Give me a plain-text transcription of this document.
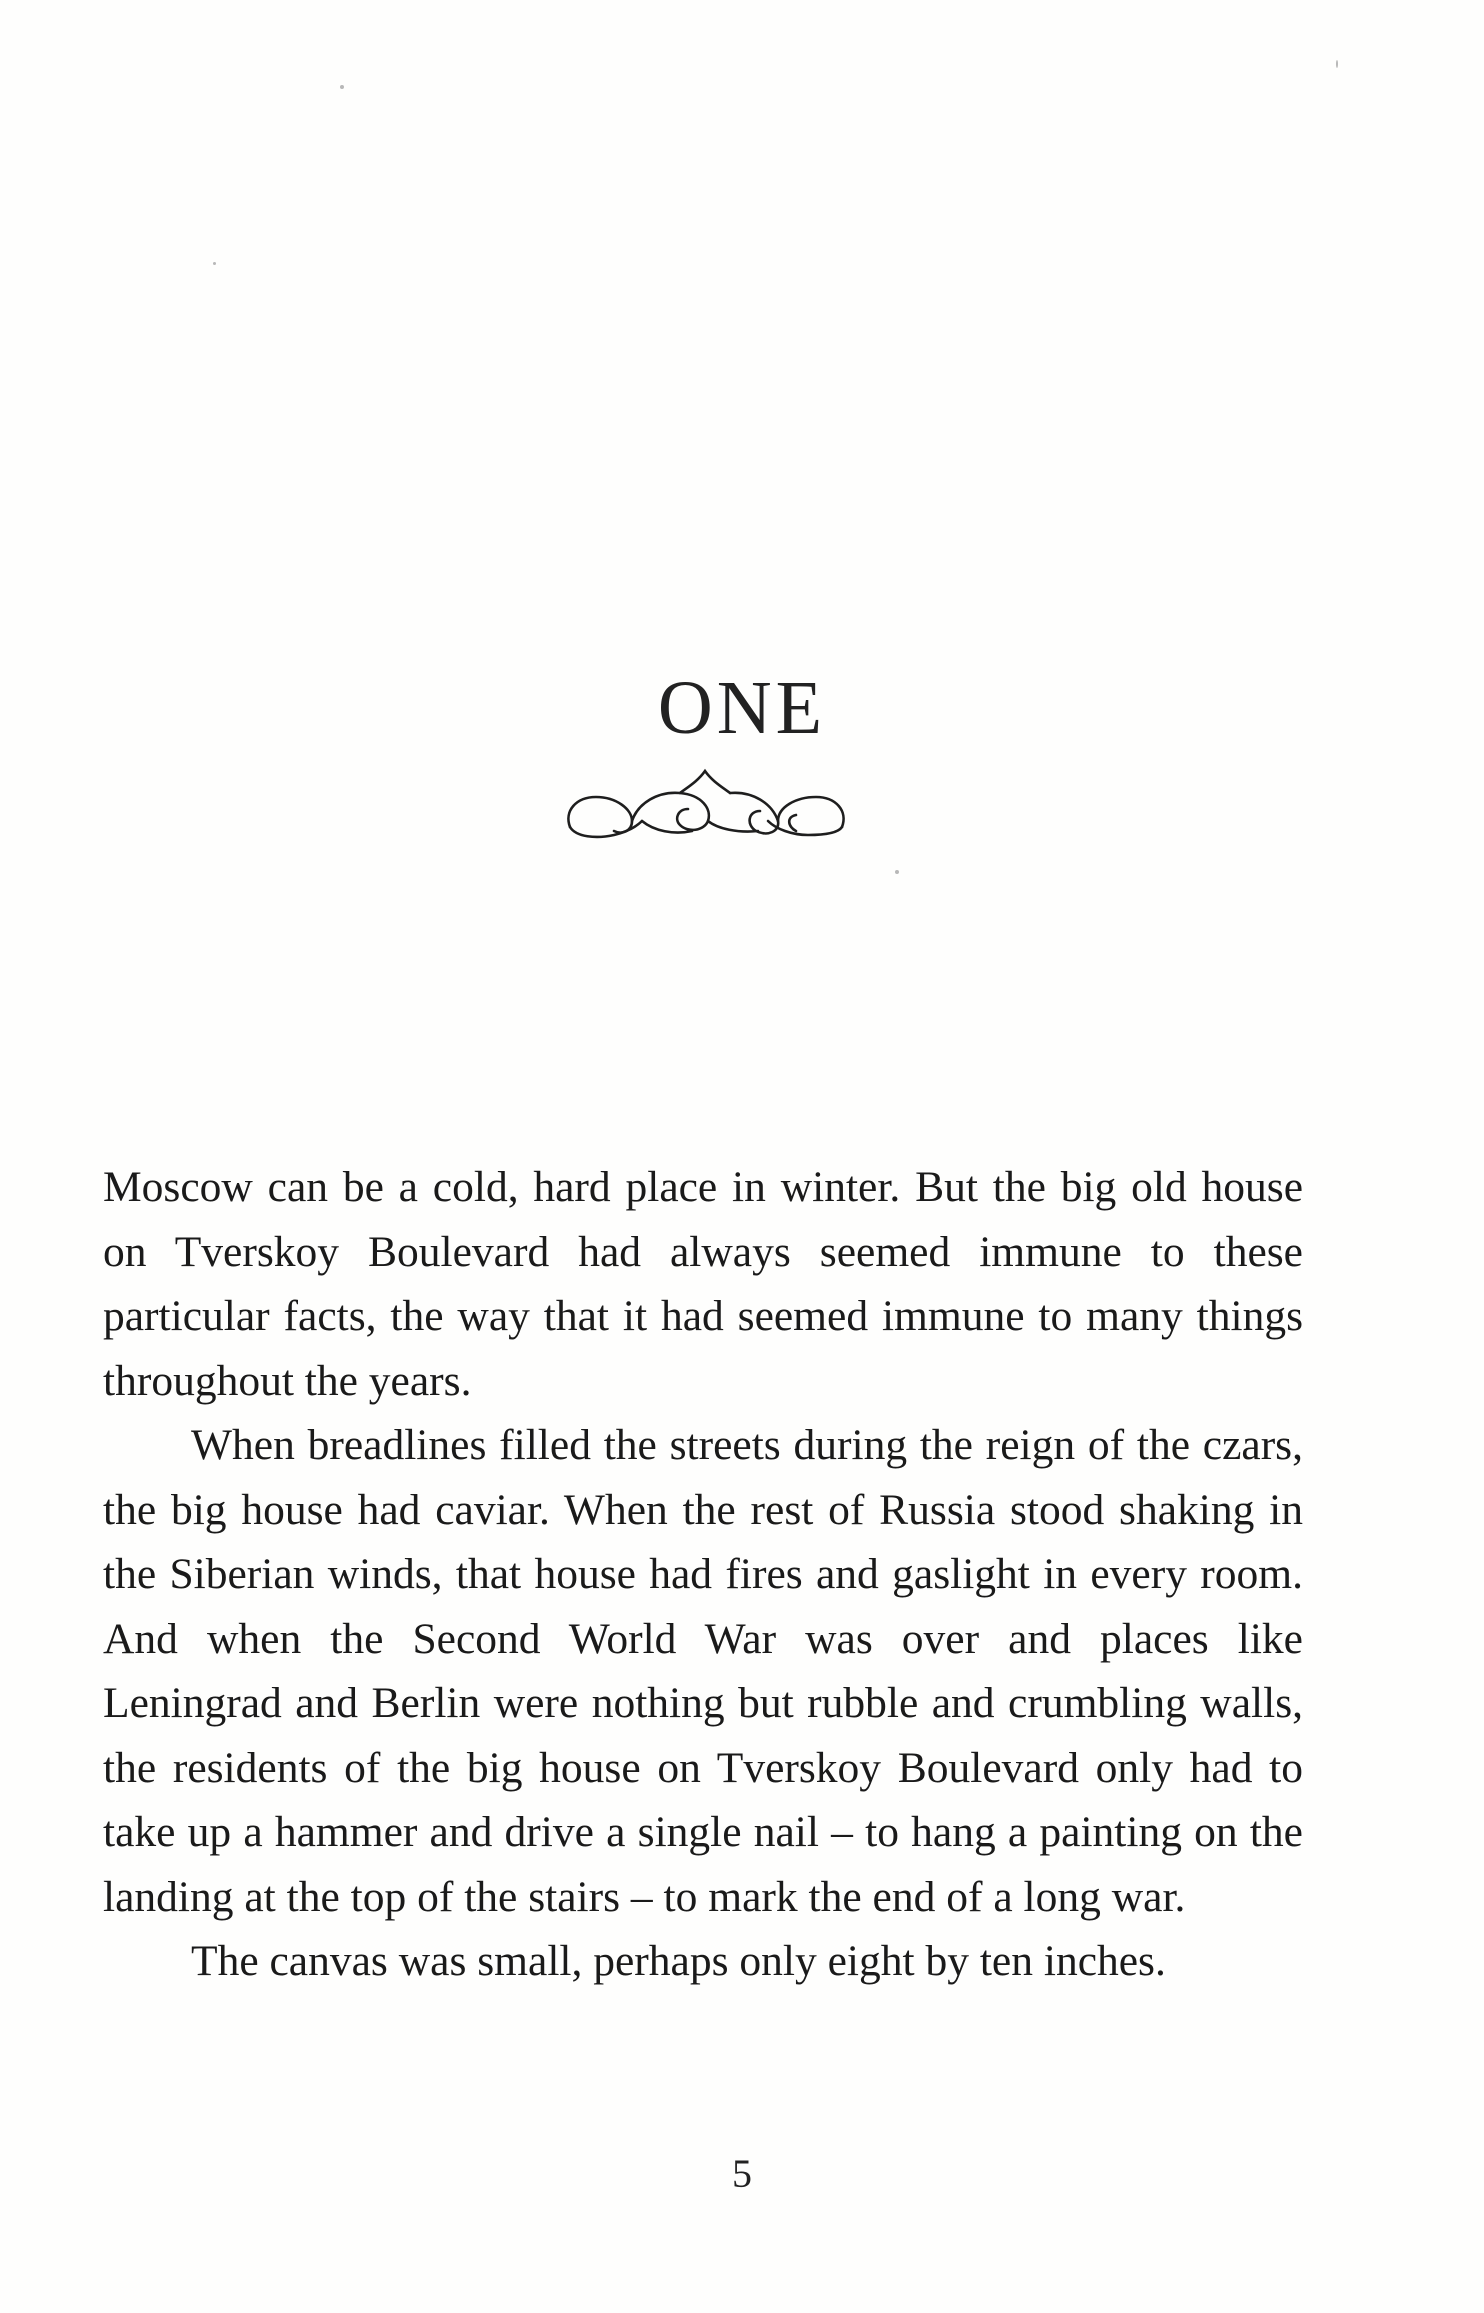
ONE

Moscow can be a cold, hard place in winter. But the big old house on Tverskoy Boulevard had always seemed immune to these particular facts, the way that it had seemed immune to many things throughout the years.

When breadlines filled the streets during the reign of the czars, the big house had caviar. When the rest of Russia stood shaking in the Siberian winds, that house had fires and gaslight in every room. And when the Second World War was over and places like Leningrad and Berlin were nothing but rubble and crumbling walls, the residents of the big house on Tverskoy Boulevard only had to take up a hammer and drive a single nail – to hang a painting on the landing at the top of the stairs – to mark the end of a long war.

The canvas was small, perhaps only eight by ten inches.

5
